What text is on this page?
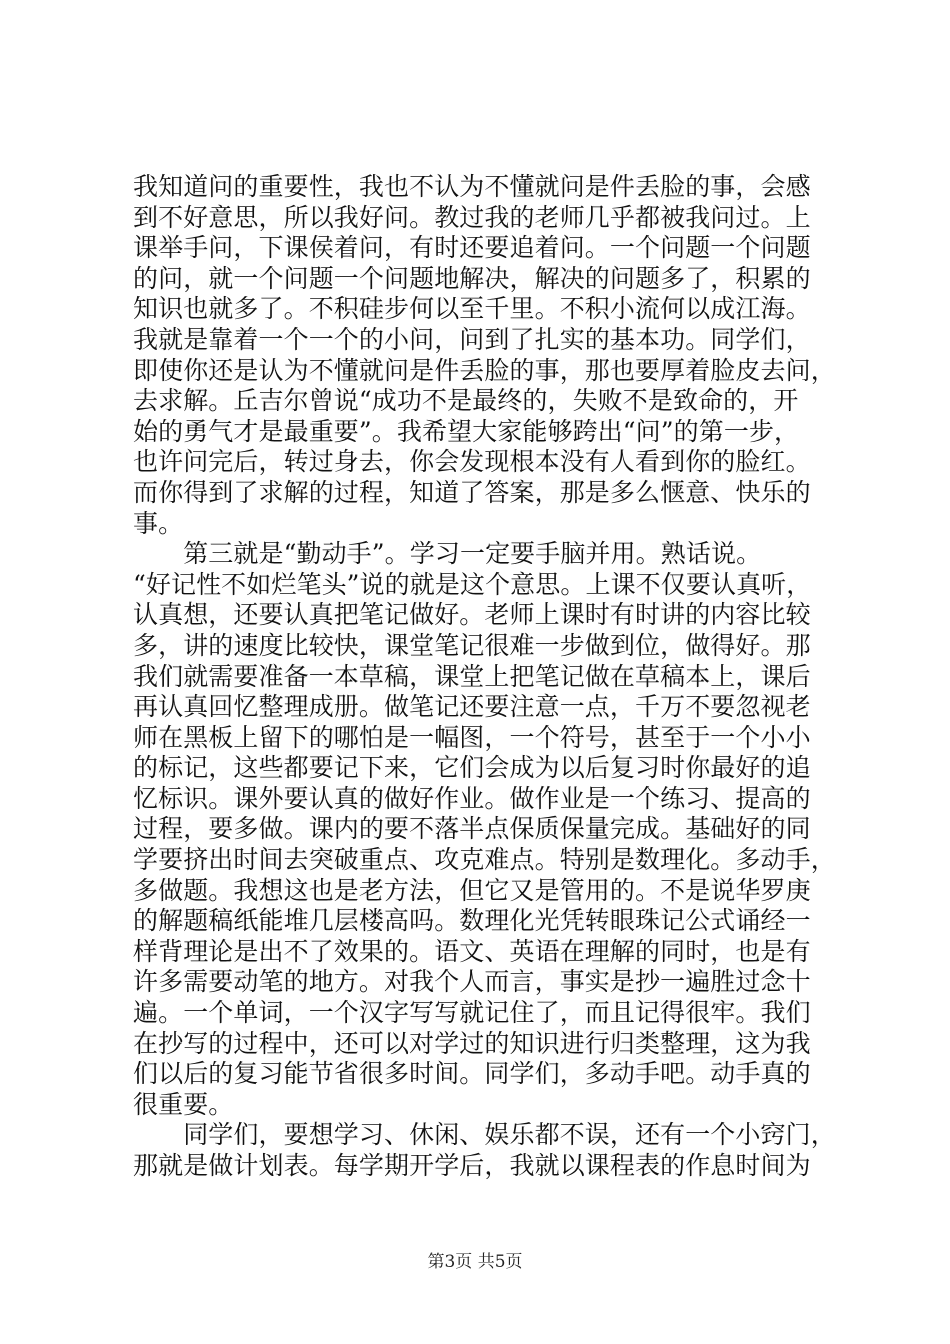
我知道问的重要性，我也不认为不懂就问是件丢脸的事，会感
到不好意思，所以我好问。教过我的老师几乎都被我问过。上
课举手问，下课侯着问，有时还要追着问。一个问题一个问题
的问，就一个问题一个问题地解决，解决的问题多了，积累的
知识也就多了。不积硅步何以至千里。不积小流何以成江海。
我就是靠着一个一个的小问，问到了扎实的基本功。同学们，
即使你还是认为不懂就问是件丢脸的事，那也要厚着脸皮去问，
去求解。丘吉尔曾说“成功不是最终的，失败不是致命的，开
始的勇气才是最重要”。我希望大家能够跨出“问”的第一步，
也许问完后，转过身去，你会发现根本没有人看到你的脸红。
而你得到了求解的过程，知道了答案，那是多么惬意、快乐的
事。
　　第三就是“勤动手”。学习一定要手脑并用。熟话说。
“好记性不如烂笔头”说的就是这个意思。上课不仅要认真听，
认真想，还要认真把笔记做好。老师上课时有时讲的内容比较
多，讲的速度比较快，课堂笔记很难一步做到位，做得好。那
我们就需要准备一本草稿，课堂上把笔记做在草稿本上，课后
再认真回忆整理成册。做笔记还要注意一点，千万不要忽视老
师在黑板上留下的哪怕是一幅图，一个符号，甚至于一个小小
的标记，这些都要记下来，它们会成为以后复习时你最好的追
忆标识。课外要认真的做好作业。做作业是一个练习、提高的
过程，要多做。课内的要不落半点保质保量完成。基础好的同
学要挤出时间去突破重点、攻克难点。特别是数理化。多动手，
多做题。我想这也是老方法，但它又是管用的。不是说华罗庚
的解题稿纸能堆几层楼高吗。数理化光凭转眼珠记公式诵经一
样背理论是出不了效果的。语文、英语在理解的同时，也是有
许多需要动笔的地方。对我个人而言，事实是抄一遍胜过念十
遍。一个单词，一个汉字写写就记住了，而且记得很牢。我们
在抄写的过程中，还可以对学过的知识进行归类整理，这为我
们以后的复习能节省很多时间。同学们，多动手吧。动手真的
很重要。
　　同学们，要想学习、休闲、娱乐都不误，还有一个小窍门，
那就是做计划表。每学期开学后，我就以课程表的作息时间为
第3页 共5页
